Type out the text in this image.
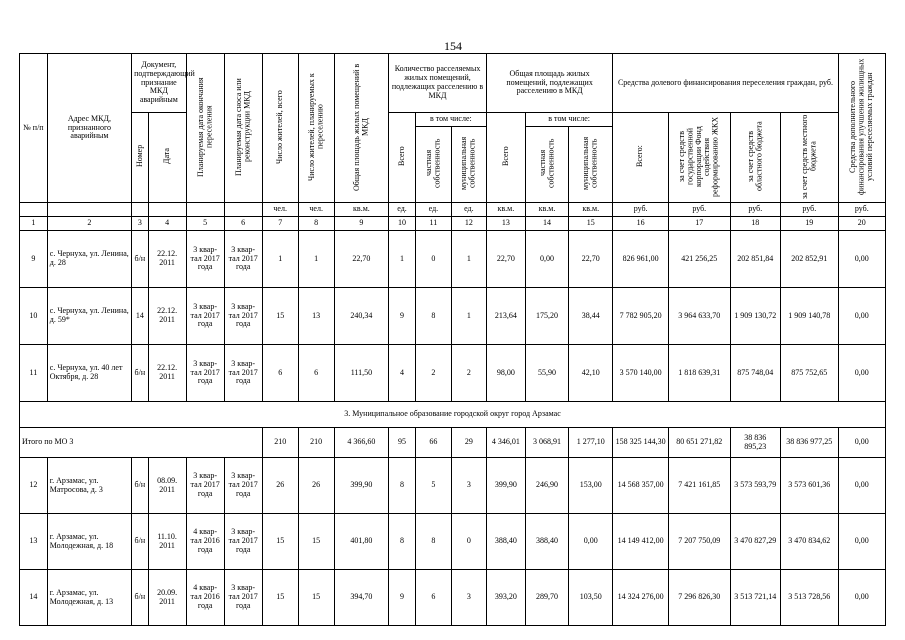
154
№ п/п	Адрес МКД, признанного аварийным	Документ, подтверждающий признание МКД аварийным		Планируемая дата окончания переселения	Планируемая дата сноса или реконструкции МКД	Число жителей, всего	Число жителей, планируемых к переселению	Общая площадь жилых помещений в МКД	Количество расселяемых жилых помещений, подлежащих расселению в МКД			Общая площадь жилых помещений, подлежащих расселению в МКД			Средства долевого финансирования переселения граждан, руб.				Средства дополнительного финансирования улучшения жилищных условий переселяемых граждан
		Номер	Дата						Всего	в том числе:		Всего	в том числе:		Всего:	за счет средств государственной корпорации Фонд содействия реформированию ЖКХ	за счет средств областного бюджета	за счет средств местного бюджета	
										частная собственность	муниципальная собственность		частная собственность	муниципальная собственность					
						чел.	чел.	кв.м.	ед.	ед.	ед.	кв.м.	кв.м.	кв.м.	руб.	руб.	руб.	руб.	руб.
1	2	3	4	5	6	7	8	9	10	11	12	13	14	15	16	17	18	19	20
9	с. Чернуха, ул. Ленина, д. 28	б/н	22.12. 2011	3 квар- тал 2017 года	3 квар- тал 2017 года	1	1	22,70	1	0	1	22,70	0,00	22,70	826 961,00	421 256,25	202 851,84	202 852,91	0,00
10	с. Чернуха, ул. Ленина, д. 59*	14	22.12. 2011	3 квар- тал 2017 года	3 квар- тал 2017 года	15	13	240,34	9	8	1	213,64	175,20	38,44	7 782 905,20	3 964 633,70	1 909 130,72	1 909 140,78	0,00
11	с. Чернуха, ул. 40 лет Октября, д. 28	б/н	22.12. 2011	3 квар- тал 2017 года	3 квар- тал 2017 года	6	6	111,50	4	2	2	98,00	55,90	42,10	3 570 140,00	1 818 639,31	875 748,04	875 752,65	0,00
3. Муниципальное образование городской округ город Арзамас																			
Итого по МО 3						210	210	4 366,60	95	66	29	4 346,01	3 068,91	1 277,10	158 325 144,30	80 651 271,82	38 836 895,23	38 836 977,25	0,00
12	г. Арзамас, ул. Матросова, д. 3	б/н	08.09. 2011	3 квар- тал 2017 года	3 квар- тал 2017 года	26	26	399,90	8	5	3	399,90	246,90	153,00	14 568 357,00	7 421 161,85	3 573 593,79	3 573 601,36	0,00
13	г. Арзамас, ул. Молодежная, д. 18	б/н	11.10. 2011	4 квар- тал 2016 года	3 квар- тал 2017 года	15	15	401,80	8	8	0	388,40	388,40	0,00	14 149 412,00	7 207 750,09	3 470 827,29	3 470 834,62	0,00
14	г. Арзамас, ул. Молодежная, д. 13	б/н	20.09. 2011	4 квар- тал 2016 года	3 квар- тал 2017 года	15	15	394,70	9	6	3	393,20	289,70	103,50	14 324 276,00	7 296 826,30	3 513 721,14	3 513 728,56	0,00
